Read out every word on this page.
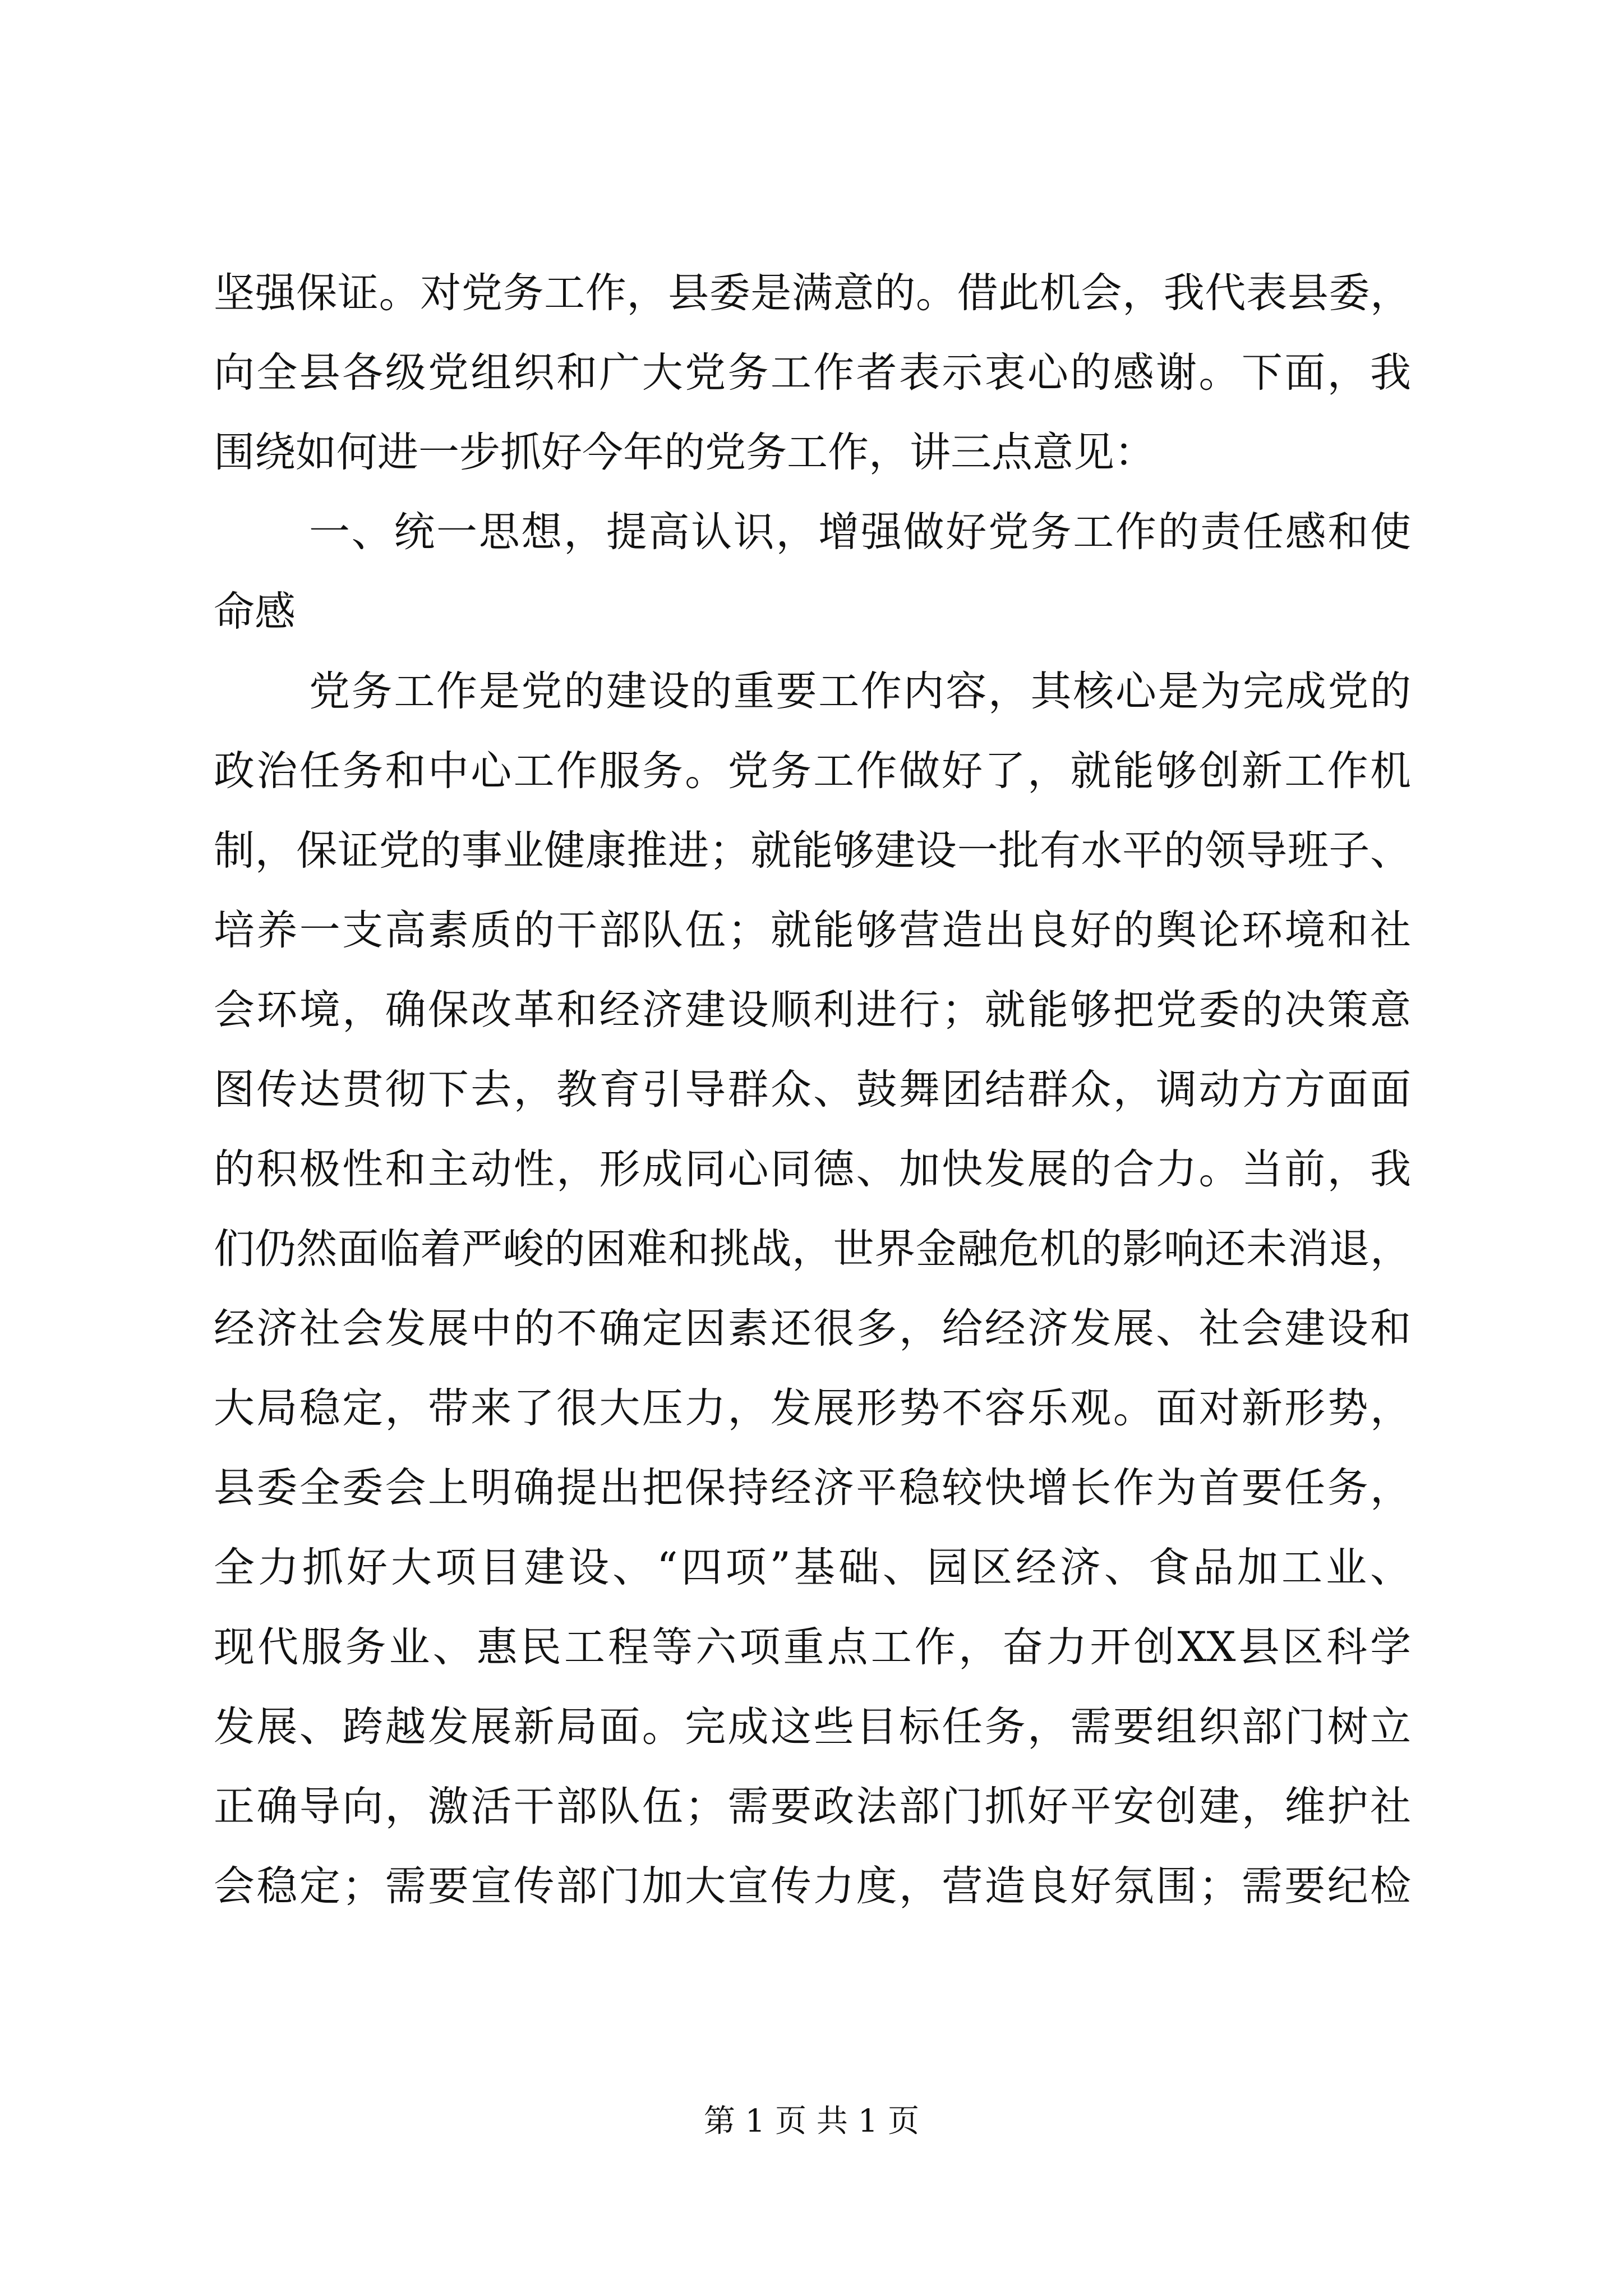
坚强保证。对党务工作，县委是满意的。借此机会，我代表县委，
向全县各级党组织和广大党务工作者表示衷心的感谢。下面，我
围绕如何进一步抓好今年的党务工作，讲三点意见：
一、统一思想，提高认识，增强做好党务工作的责任感和使
命感
党务工作是党的建设的重要工作内容，其核心是为完成党的
政治任务和中心工作服务。党务工作做好了，就能够创新工作机
制，保证党的事业健康推进；就能够建设一批有水平的领导班子、
培养一支高素质的干部队伍；就能够营造出良好的舆论环境和社
会环境，确保改革和经济建设顺利进行；就能够把党委的决策意
图传达贯彻下去，教育引导群众、鼓舞团结群众，调动方方面面
的积极性和主动性，形成同心同德、加快发展的合力。当前，我
们仍然面临着严峻的困难和挑战，世界金融危机的影响还未消退，
经济社会发展中的不确定因素还很多，给经济发展、社会建设和
大局稳定，带来了很大压力，发展形势不容乐观。面对新形势，
县委全委会上明确提出把保持经济平稳较快增长作为首要任务，
全力抓好大项目建设、“四项”基础、园区经济、食品加工业、
现代服务业、惠民工程等六项重点工作，奋力开创XX县区科学
发展、跨越发展新局面。完成这些目标任务，需要组织部门树立
正确导向，激活干部队伍；需要政法部门抓好平安创建，维护社
会稳定；需要宣传部门加大宣传力度，营造良好氛围；需要纪检
第 1 页 共 1 页
